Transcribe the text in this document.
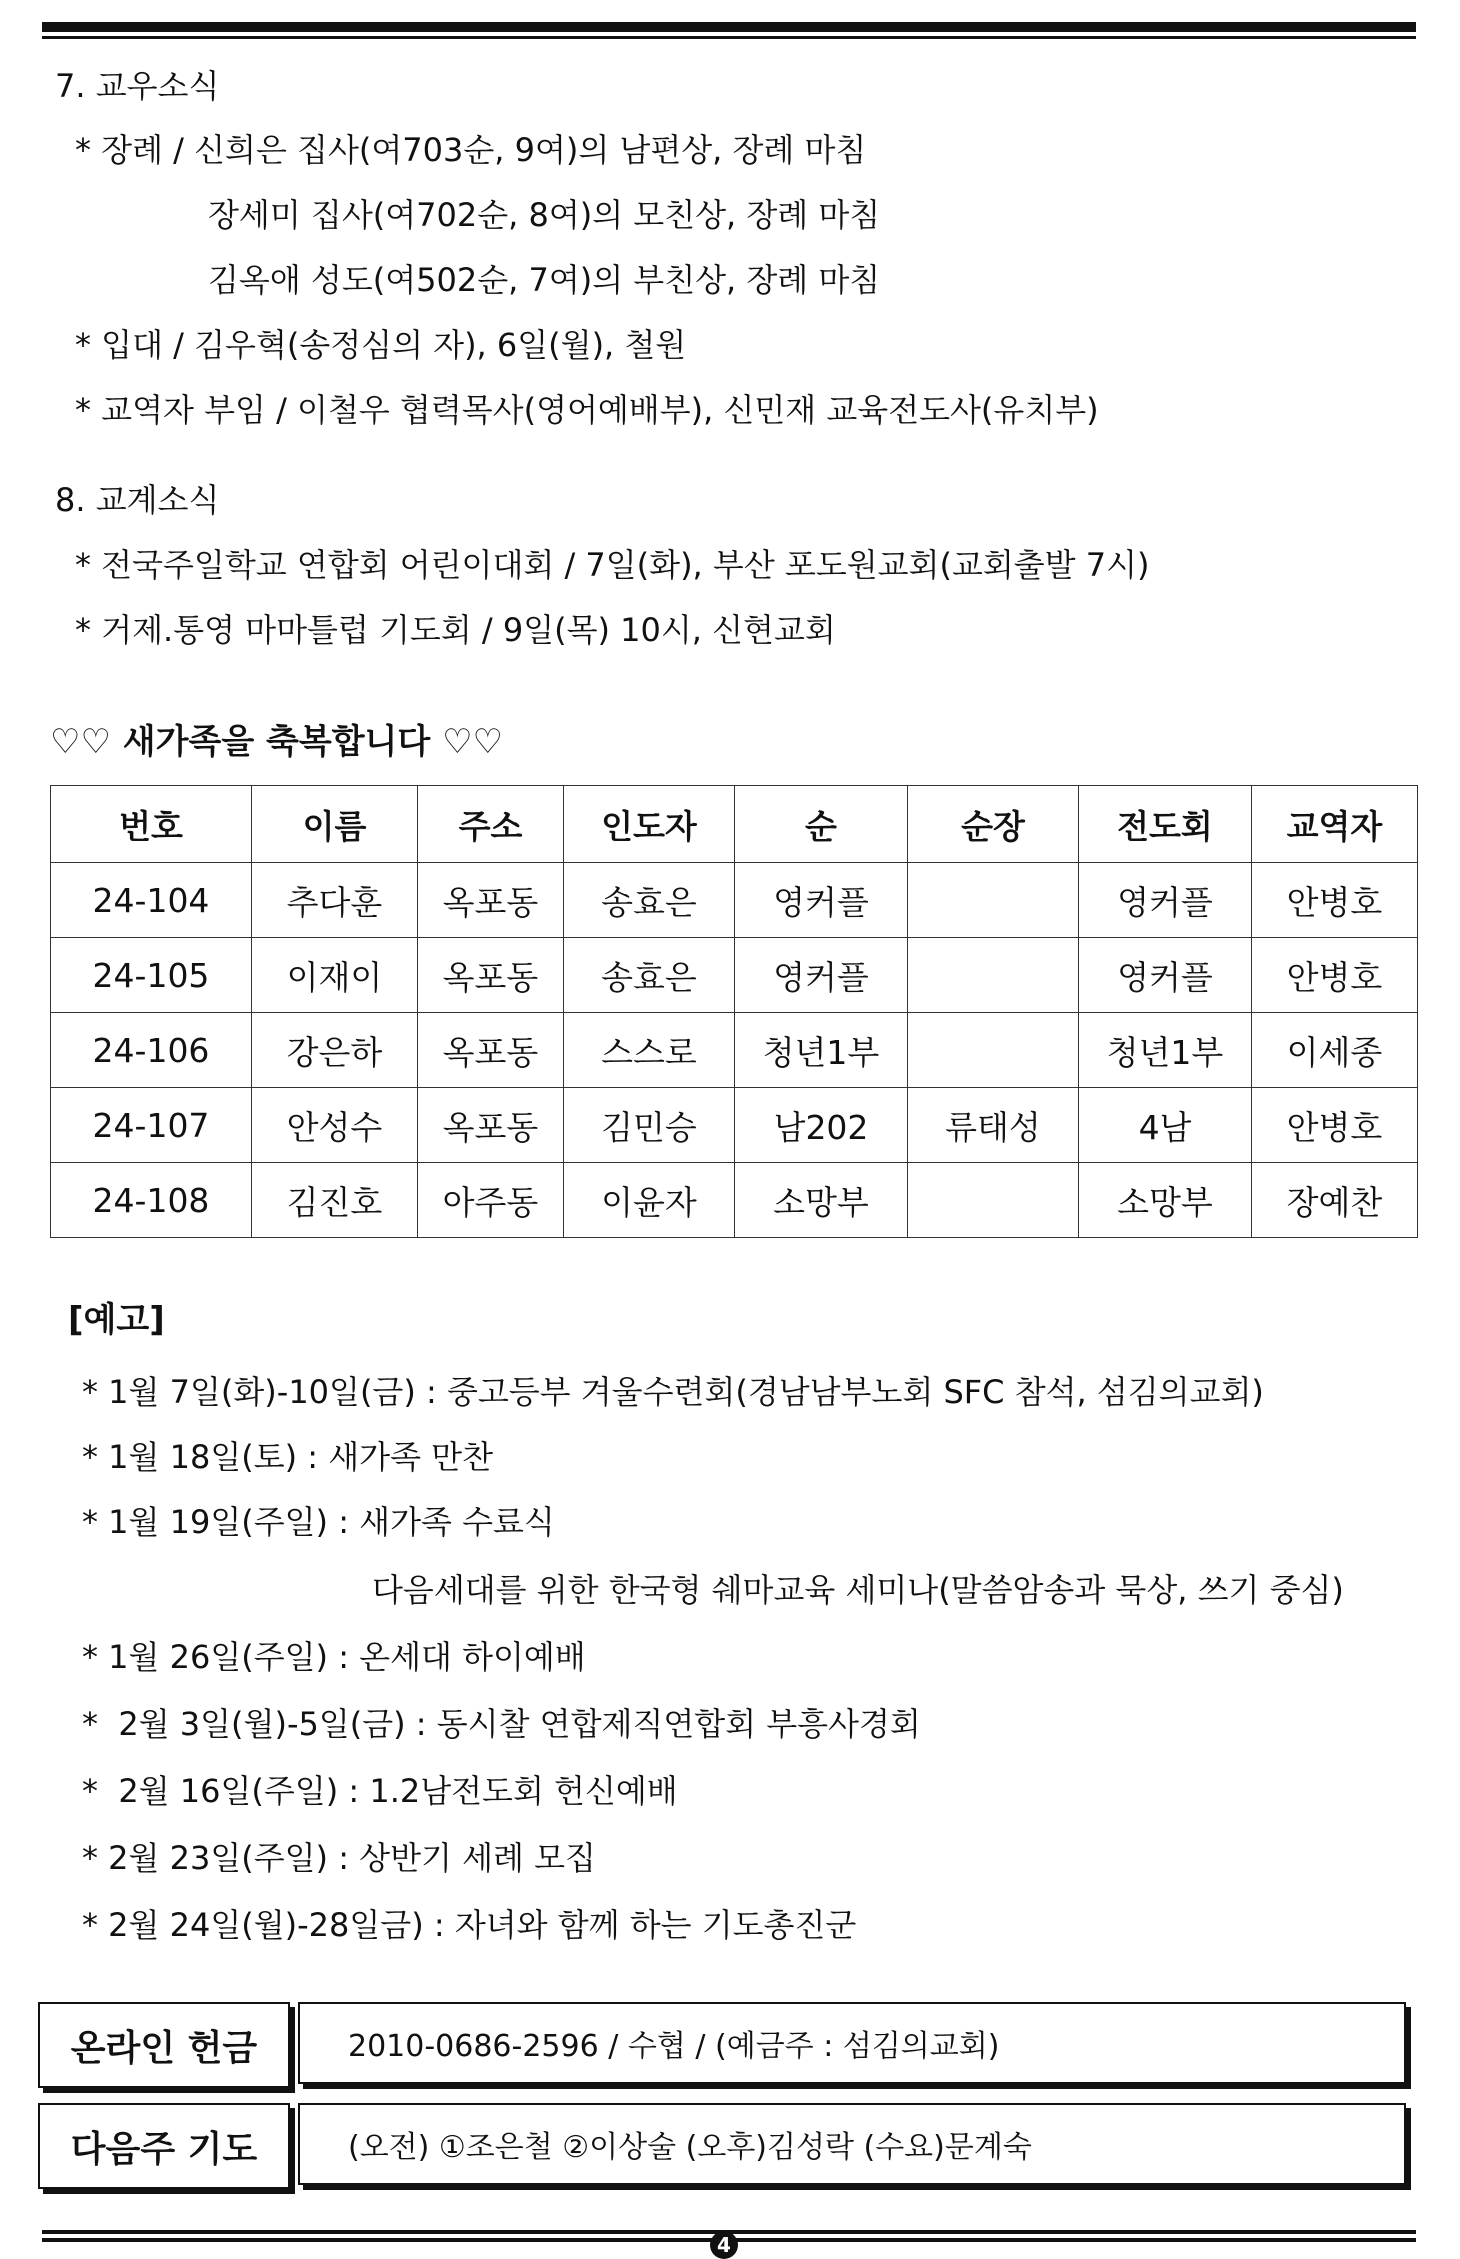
7. 교우소식
* 장례 / 신희은 집사(여703순, 9여)의 남편상, 장례 마침
장세미 집사(여702순, 8여)의 모친상, 장례 마침
김옥애 성도(여502순, 7여)의 부친상, 장례 마침
* 입대 / 김우혁(송정심의 자), 6일(월), 철원
* 교역자 부임 / 이철우 협력목사(영어예배부), 신민재 교육전도사(유치부)
8. 교계소식
* 전국주일학교 연합회 어린이대회 / 7일(화), 부산 포도원교회(교회출발 7시)
* 거제.통영 마마틀럽 기도회 / 9일(목) 10시, 신현교회
♡♡ 새가족을 축복합니다 ♡♡
번호	이름	주소	인도자	순	순장	전도회	교역자
24-104	추다훈	옥포동	송효은	영커플		영커플	안병호
24-105	이재이	옥포동	송효은	영커플		영커플	안병호
24-106	강은하	옥포동	스스로	청년1부		청년1부	이세종
24-107	안성수	옥포동	김민승	남202	류태성	4남	안병호
24-108	김진호	아주동	이윤자	소망부		소망부	장예찬
[예고]
* 1월 7일(화)-10일(금) : 중고등부 겨울수련회(경남남부노회 SFC 참석, 섬김의교회)
* 1월 18일(토) : 새가족 만찬
* 1월 19일(주일) : 새가족 수료식
다음세대를 위한 한국형 쉐마교육 세미나(말씀암송과 묵상, 쓰기 중심)
* 1월 26일(주일) : 온세대 하이예배
*  2월 3일(월)-5일(금) : 동시찰 연합제직연합회 부흥사경회
*  2월 16일(주일) : 1.2남전도회 헌신예배
* 2월 23일(주일) : 상반기 세례 모집
* 2월 24일(월)-28일금) : 자녀와 함께 하는 기도총진군
온라인 헌금	2010-0686-2596 / 수협 / (예금주 : 섬김의교회)
다음주 기도	(오전) ①조은철 ②이상술 (오후)김성락 (수요)문계숙
4
